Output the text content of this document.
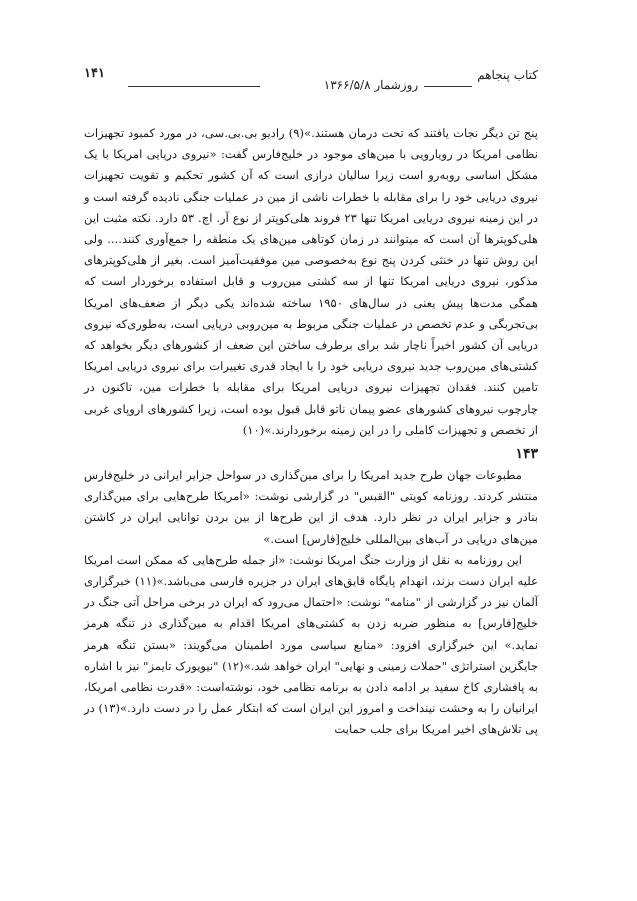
کتاب پنجاهم
روزشمار ۱۳۶۶/۵/۸
۱۴۱

پنج تن دیگر نجات یافتند که تحت درمان هستند.»(۹) رادیو بی.بی.سی، در مورد کمبود تجهیزات نظامی امریکا در رویارویی با مین‌های موجود در خلیج‌فارس گفت: «نیروی دریایی امریکا با یک مشکل اساسی روبه‌رو است زیرا سالیان درازی است که آن کشور تحکیم و تقویت تجهیزات نیروی دریایی خود را برای مقابله با خطرات ناشی از مین در عملیات جنگی نادیده گرفته است و در این زمینه نیروی دریایی امریکا تنها ۲۳ فروند هلی‌کوپتر از نوع آر. اچ. ۵۳ دارد. نکته مثبت این هلی‌کوپترها آن است که میتوانند در زمان کوتاهی مین‌های یک منطقه را جمع‌آوری کنند.... ولی این روش تنها در خنثی کردن پنج نوع به‌خصوصی مین موفقیت‌آمیز است. بغیر از هلی‌کوپترهای مذکور، نیروی دریایی امریکا تنها از سه کشتی مین‌روب و قابل استفاده برخوردار است که همگی مدت‌ها پیش یعنی در سال‌های ۱۹۵۰ ساخته شده‌اند یکی دیگر از ضعف‌های امریکا بی‌تجربگی و عدم تخصص در عملیات جنگی مربوط به مین‌روبی دریایی است، به‌طوری‌که نیروی دریایی آن کشور اخیراً ناچار شد برای برطرف ساختن این ضعف از کشورهای دیگر بخواهد که کشتی‌های مین‌روب جدید نیروی دریایی خود را با ایجاد قدری تغییرات برای نیروی دریایی امریکا تامین کنند. فقدان تجهیزات نیروی دریایی امریکا برای مقابله با خطرات مین، تاکنون در چارچوب نیروهای کشورهای عضو پیمان ناتو قابل قبول بوده است، زیرا کشورهای اروپای غربی از تخصص و تجهیزات کاملی را در این زمینه برخوردارند.»(۱۰)

۱۴۳

مطبوعات جهان طرح جدید امریکا را برای مین‌گذاری در سواحل جزایر ایرانی در خلیج‌فارس منتشر کردند. روزنامه کویتی "القبس" در گزارشی نوشت: «امریکا طرح‌هایی برای مین‌گذاری بنادر و جزایر ایران در نظر دارد. هدف از این طرح‌ها از بین بردن توانایی ایران در کاشتن مین‌های دریایی در آب‌های بین‌المللی خلیج[فارس] است.»

این روزنامه به نقل از وزارت جنگ امریکا نوشت: «از جمله طرح‌هایی که ممکن است امریکا علیه ایران دست بزند، انهدام پایگاه قایق‌های ایران در جزیره فارسی می‌باشد.»(۱۱) خبرگزاری آلمان نیز در گزارشی از "منامه" نوشت: «احتمال می‌رود که ایران در برخی مراحل آتی جنگ در خلیج[فارس] به منظور ضربه زدن به کشتی‌های امریکا اقدام به مین‌گذاری در تنگه هرمز نماید.» این خبرگزاری افزود: «منابع سیاسی مورد اطمینان می‌گویند: «بستن تنگه هرمز جایگزین استراتژی "حملات زمینی و نهایی" ایران خواهد شد.»(۱۲) "نیویورک تایمز" نیز با اشاره به پافشاری کاخ سفید بر ادامه دادن به برنامه نظامی خود، نوشته‌است: «قدرت نظامی امریکا، ایرانیان را به وحشت نینداخت و امروز این ایران است که ابتکار عمل را در دست دارد.»(۱۳) در پی تلاش‌های اخیر امریکا برای جلب حمایت
